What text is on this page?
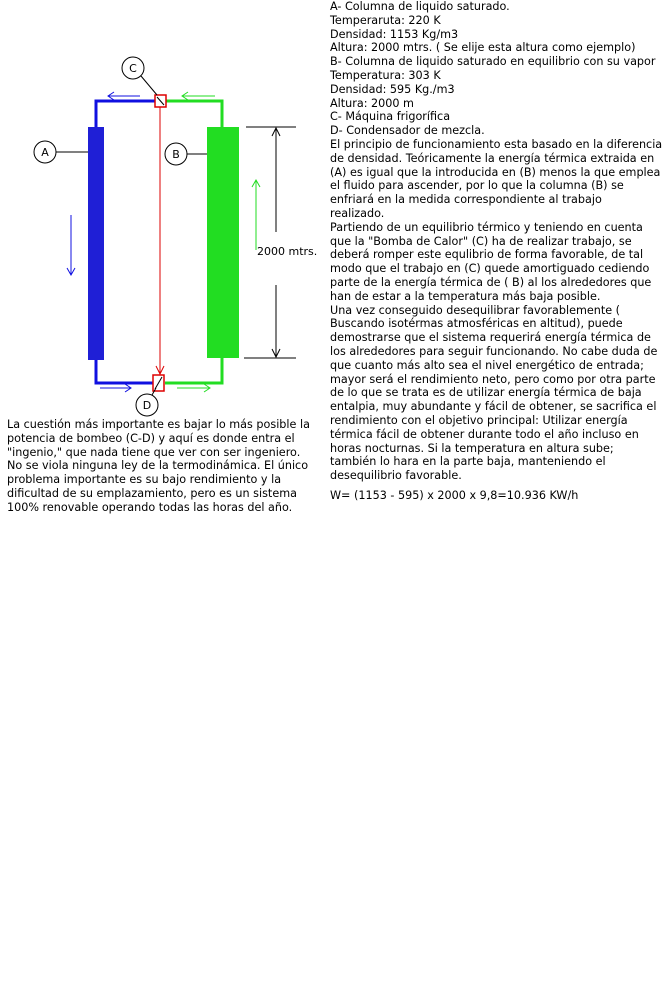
2000 mtrs.
A	B
C
D
A- Columna de liquido saturado.
Temperaruta: 220 K
Densidad: 1153 Kg/m3
Altura: 2000 mtrs. ( Se elije esta altura como ejemplo)
B- Columna de liquido saturado en equilibrio con su vapor
Temperatura: 303 K
Densidad: 595 Kg./m3
Altura: 2000 m
C- Máquina frigorífica
D- Condensador de mezcla.
El principio de funcionamiento esta basado en la diferencia
de densidad. Teóricamente la energía térmica extraida en
(A) es igual que la introducida en (B) menos la que emplea
el fluido para ascender, por lo que la columna (B) se
enfriará en la medida correspondiente al trabajo
realizado.
Partiendo de un equilibrio térmico y teniendo en cuenta
que la "Bomba de Calor" (C) ha de realizar trabajo, se
deberá romper este equlibrio de forma favorable, de tal
modo que el trabajo en (C) quede amortiguado cediendo
parte de la energía térmica de ( B) al los alrededores que
han de estar a la temperatura más baja posible.
Una vez conseguido desequilibrar favorablemente (
Buscando isotérmas atmosféricas en altitud), puede
demostrarse que el sistema requerirá energía térmica de
los alrededores para seguir funcionando. No cabe duda de
que cuanto más alto sea el nivel energético de entrada;
mayor será el rendimiento neto, pero como por otra parte
de lo que se trata es de utilizar energía térmica de baja
entalpia, muy abundante y fácil de obtener, se sacrifica el
rendimiento con el objetivo principal: Utilizar energía
térmica fácil de obtener durante todo el año incluso en
horas nocturnas. Si la temperatura en altura sube;
también lo hara en la parte baja, manteniendo el
desequilibrio favorable.
W= (1153 - 595) x 2000 x 9,8=10.936 KW/h
La cuestión más importante es bajar lo más posible la
potencia de bombeo (C-D) y aquí es donde entra el
"ingenio," que nada tiene que ver con ser ingeniero.
No se viola ninguna ley de la termodinámica. El único
problema importante es su bajo rendimiento y la
dificultad de su emplazamiento, pero es un sistema
100% renovable operando todas las horas del año.
